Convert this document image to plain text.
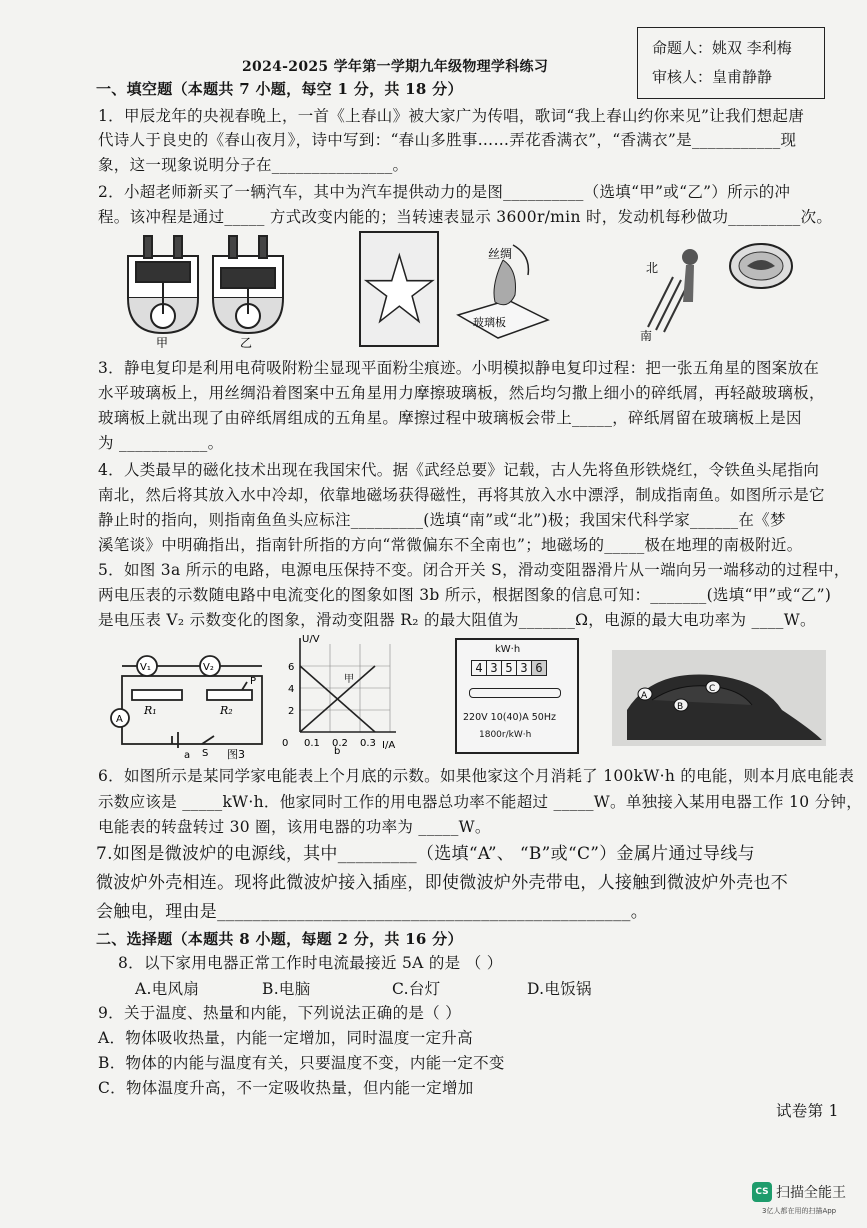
命题人：姚双 李利梅
审核人：皇甫静静
2024-2025 学年第一学期九年级物理学科练习
一、填空题（本题共 7 小题，每空 1 分，共 18 分）
1．甲辰龙年的央视春晚上，一首《上春山》被大家广为传唱，歌词“我上春山约你来见”让我们想起唐
代诗人于良史的《春山夜月》，诗中写到：“春山多胜事……弄花香满衣”，“香满衣”是___________现
象，这一现象说明分子在_______________。
2．小超老师新买了一辆汽车，其中为汽车提供动力的是图__________（选填“甲”或“乙”）所示的冲
程。该冲程是通过_____ 方式改变内能的；当转速表显示 3600r/min 时，发动机每秒做功_________次。
甲	乙
丝绸
玻璃板
北
南
3．静电复印是利用电荷吸附粉尘显现平面粉尘痕迹。小明模拟静电复印过程：把一张五角星的图案放在
水平玻璃板上，用丝绸沿着图案中五角星用力摩擦玻璃板，然后均匀撒上细小的碎纸屑，再轻敲玻璃板，
玻璃板上就出现了由碎纸屑组成的五角星。摩擦过程中玻璃板会带上_____，碎纸屑留在玻璃板上是因
为 ___________。
4．人类最早的磁化技术出现在我国宋代。据《武经总要》记载，古人先将鱼形铁烧红，令铁鱼头尾指向
南北，然后将其放入水中冷却，依靠地磁场获得磁性，再将其放入水中漂浮，制成指南鱼。如图所示是它
静止时的指向，则指南鱼鱼头应标注_________(选填“南”或“北”)极；我国宋代科学家______在《梦
溪笔谈》中明确指出，指南针所指的方向“常微偏东不全南也”；地磁场的_____极在地理的南极附近。
5．如图 3a 所示的电路，电源电压保持不变。闭合开关 S，滑动变阻器滑片从一端向另一端移动的过程中，
两电压表的示数随电路中电流变化的图象如图 3b 所示，根据图象的信息可知：_______(选填“甲”或“乙”)
是电压表 V₂ 示数变化的图象，滑动变阻器 R₂ 的最大阻值为_______Ω，电源的最大电功率为 ____W。
V₁	V₂
R₁	R₂
A
P
S
a	图3
U/V
I/A
6
4
2
0 0.1 0.2 0.3
甲
b
kW·h
4 3 5 3 6
220V 10(40)A 50Hz
1800r/kW·h
A
B
C
6．如图所示是某同学家电能表上个月底的示数。如果他家这个月消耗了 100kW·h 的电能，则本月底电能表
示数应该是 _____kW·h．他家同时工作的用电器总功率不能超过 _____W。单独接入某用电器工作 10 分钟，
电能表的转盘转过 30 圈，该用电器的功率为 _____W。
7.如图是微波炉的电源线，其中_________（选填“A”、 “B”或“C”）金属片通过导线与
微波炉外壳相连。现将此微波炉接入插座，即使微波炉外壳带电，人接触到微波炉外壳也不
会触电，理由是_______________________________________________。
二、选择题（本题共 8 小题，每题 2 分，共 16 分）
8．以下家用电器正常工作时电流最接近 5A 的是 （ ）
A.电风扇	B.电脑	C.台灯	D.电饭锅
9．关于温度、热量和内能，下列说法正确的是（ ）
A．物体吸收热量，内能一定增加，同时温度一定升高
B．物体的内能与温度有关，只要温度不变，内能一定不变
C．物体温度升高，不一定吸收热量，但内能一定增加
试卷第 1
CS 扫描全能王
3亿人都在用的扫描App
